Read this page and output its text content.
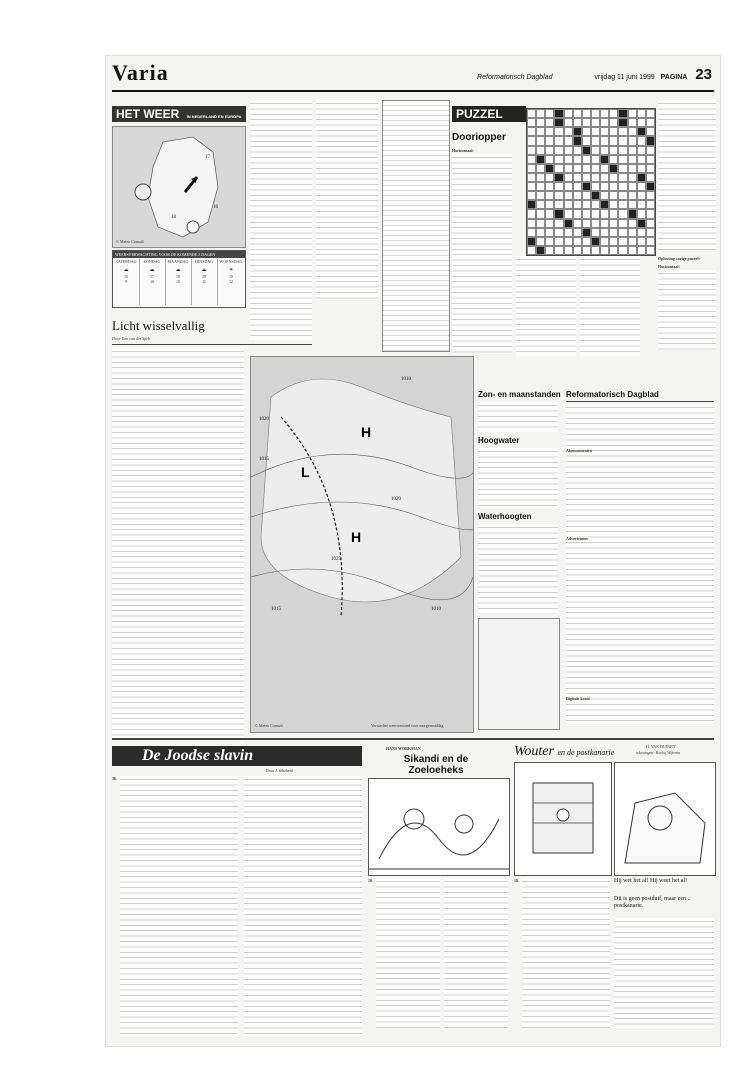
Varia	Reformatorisch Dagblad	vrijdag 11 juni 1999 PAGINA 23
HET WEER IN NEDERLAND EN EUROPA
17
18
16
© Meteo Consult
WEERSVERWACHTING VOOR DE KOMENDE 5 DAGEN
ZATERDAG
☁
16
9
ZONDAG
☁
17
10
MAANDAG
☁
18
10
DINSDAG
☁
20
11
WOENSDAG
☀
19
12
Licht wisselvallig
Door Tom van der Spek
PUZZEL
Dooriopper
Horizontaal:
Oplossing vorige puzzel:
Horizontaal:
H
H
L
1020
1015
1010
1020
1015
1025
1010
© Meteo Consult	Verwachte weertoestand voor morgenmiddag
Zon- en maanstanden
Hoogwater
Waterhoogten
Reformatorisch Dagblad
Abonnementen
Advertenties
Digitale krant
De Joodse slavin
Door J. Sibeheid
36.
HANS WORKMAN
Sikandi en de Zoeloeheks
10.
Wouter en de postkanarie
H. VAN DUINEN
tekeningen: Roelof Wijtema
18.	Hij wet het al! Hij weet het al!
Dit is geen postduif, maar een... postkanarie.
